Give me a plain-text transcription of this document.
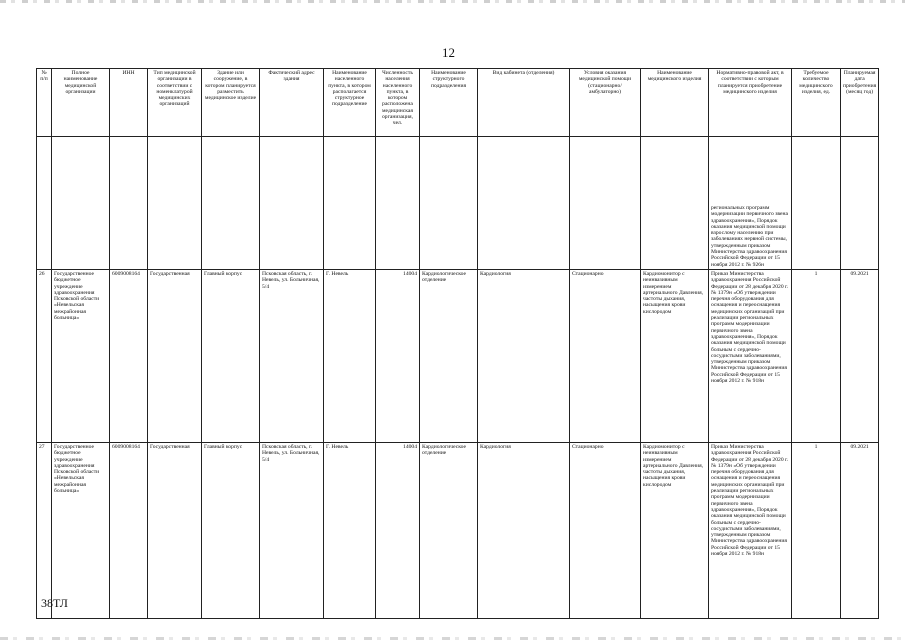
12
№ п/п	Полное наименование медицинской организации	ИНН	Тип медицинской организации в соответствии с номенклатурой медицинских организаций	Здание или сооружение, в котором планируется разместить медицинское изделие	Фактический адрес здания	Наименование населенного пункта, в котором располагается структурное подразделение	Численность населения населенного пункта, в котором расположена медицинская организация, чел.	Наименование структурного подразделения	Вид кабинета (отделения)	Условия оказания медицинской помощи (стационарно/ амбулаторно)	Наименование медицинского изделия	Нормативно-правовой акт, в соответствии с которым планируется приобретение медицинского изделия	Требуемое количество медицинского изделия, ед.	Планируемая дата приобретения (месяц год)
												региональных программ модернизации первичного звена здравоохранения», Порядок оказания медицинской помощи взрослому населению при заболеваниях нервной системы, утвержденным приказом Министерства здравоохранения Российской Федерации от 15 ноября 2012 г. № 926н		
26	Государственное бюджетное учреждение здравоохранения Псковской области «Невельская межрайонная больница»	6009008164	Государственная	Главный корпус	Псковская область, г. Невель, ул. Больничная, 5/4	Г. Невель	14004	Кардиологическое отделение	Кардиология	Стационарно	Кардиомонитор с неинвазивным измерением артериального Давления, частоты дыхания, насыщения крови кислородом	Приказ Министерства здравоохранения Российской Федерации от 28 декабря 2020 г. № 1379н «Об утверждении перечня оборудования для оснащения и переоснащения медицинских организаций при реализации региональных программ модернизации первичного звена здравоохранения», Порядок оказания медицинской помощи больным с сердечно-сосудистыми заболеваниями, утвержденным приказом Министерства здравоохранения Российской Федерации от 15 ноября 2012 г. № 918н	1	09.2021
27	Государственное бюджетное учреждение здравоохранения Псковской области «Невельская межрайонная больница»	6009008164	Государственная	Главный корпус	Псковская область, г. Невель, ул. Больничная, 5/4	Г. Невель	14004	Кардиологическое отделение	Кардиология	Стационарно	Кардиомонитор с неинвазивным измерением артериального Давления, частоты дыхания, насыщения крови кислородом	Приказ Министерства здравоохранения Российской Федерации от 28 декабря 2020 г. № 1379н «Об утверждении перечня оборудования для оснащения и переоснащения медицинских организаций при реализации региональных программ модернизации первичного звена здравоохранения», Порядок оказания медицинской помощи больным с сердечно-сосудистыми заболеваниями, утвержденным приказом Министерства здравоохранения Российской Федерации от 15 ноября 2012 г. № 918н	1	09.2021
38ТЛ
